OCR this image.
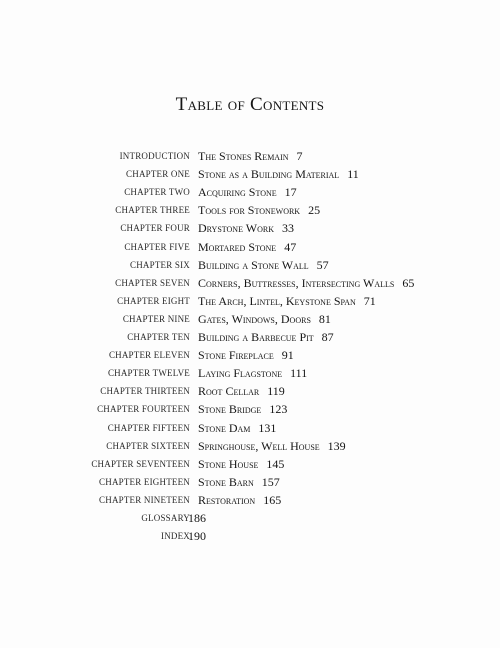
Table of Contents
INTRODUCTION The Stones Remain 7
CHAPTER ONE Stone as a Building Material 11
CHAPTER TWO Acquiring Stone 17
CHAPTER THREE Tools for Stonework 25
CHAPTER FOUR Drystone Work 33
CHAPTER FIVE Mortared Stone 47
CHAPTER SIX Building a Stone Wall 57
CHAPTER SEVEN Corners, Buttresses, Intersecting Walls 65
CHAPTER EIGHT The Arch, Lintel, Keystone Span 71
CHAPTER NINE Gates, Windows, Doors 81
CHAPTER TEN Building a Barbecue Pit 87
CHAPTER ELEVEN Stone Fireplace 91
CHAPTER TWELVE Laying Flagstone 111
CHAPTER THIRTEEN Root Cellar 119
CHAPTER FOURTEEN Stone Bridge 123
CHAPTER FIFTEEN Stone Dam 131
CHAPTER SIXTEEN Springhouse, Well House 139
CHAPTER SEVENTEEN Stone House 145
CHAPTER EIGHTEEN Stone Barn 157
CHAPTER NINETEEN Restoration 165
GLOSSARY
186
INDEX
190
